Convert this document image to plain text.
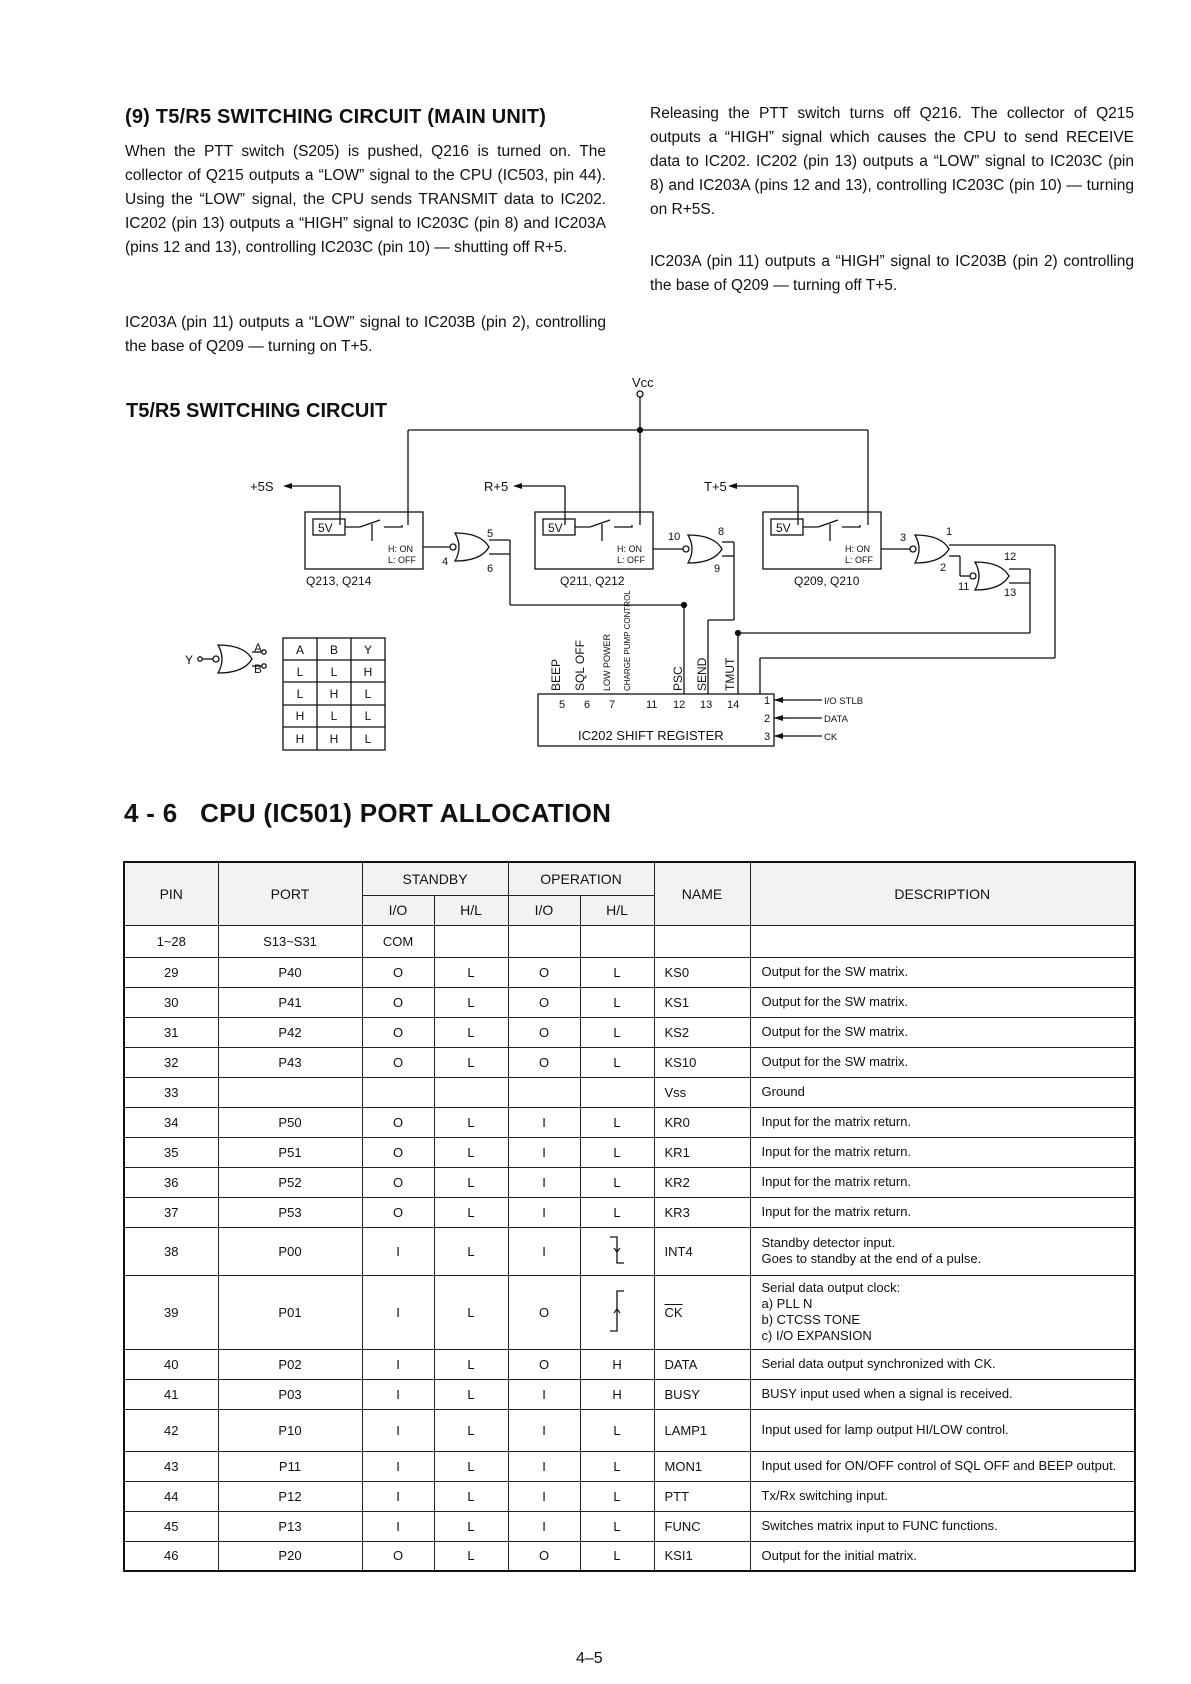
(9) T5/R5 SWITCHING CIRCUIT (MAIN UNIT)
When the PTT switch (S205) is pushed, Q216 is turned on. The collector of Q215 outputs a “LOW” signal to the CPU (IC503, pin 44). Using the “LOW” signal, the CPU sends TRANSMIT data to IC202. IC202 (pin 13) outputs a “HIGH” signal to IC203C (pin 8) and IC203A (pins 12 and 13), controlling IC203C (pin 10) — shutting off R+5.
IC203A (pin 11) outputs a “LOW” signal to IC203B (pin 2), controlling the base of Q209 — turning on T+5.
Releasing the PTT switch turns off Q216. The collector of Q215 outputs a “HIGH” signal which causes the CPU to send RECEIVE data to IC202. IC202 (pin 13) outputs a “LOW” signal to IC203C (pin 8) and IC203A (pins 12 and 13), controlling IC203C (pin 10) — turning on R+5S.
IC203A (pin 11) outputs a “HIGH” signal to IC203B (pin 2) controlling the base of Q209 — turning off T+5.
T5/R5 SWITCHING CIRCUIT
Vcc
+5S	R+5	T+5
5V	5V	5V
H: ON
L: OFF
H: ON
L: OFF
H: ON
L: OFF
Q213, Q214	Q211, Q212	Q209, Q210
4
5
6
10	8
9
3	1
2
12
11	13
Y
A
B
A B Y
L L H
L H L
H L L
H H L
BEEP SQL OFF LOW POWER CHARGE PUMP CONTROL	PSC SEND TMUT
5 6 7	11 12 13 14 1
2
3
I/O STLB
DATA
CK
IC202 SHIFT REGISTER
4 - 6   CPU (IC501) PORT ALLOCATION
PIN	PORT	STANDBY		OPERATION		NAME	DESCRIPTION
		I/O	H/L	I/O	H/L		
1~28	S13~S31	COM					
29	P40	O	L	O	L	KS0	Output for the SW matrix.
30	P41	O	L	O	L	KS1	Output for the SW matrix.
31	P42	O	L	O	L	KS2	Output for the SW matrix.
32	P43	O	L	O	L	KS10	Output for the SW matrix.
33						Vss	Ground
34	P50	O	L	I	L	KR0	Input for the matrix return.
35	P51	O	L	I	L	KR1	Input for the matrix return.
36	P52	O	L	I	L	KR2	Input for the matrix return.
37	P53	O	L	I	L	KR3	Input for the matrix return.
38	P00	I	L	I		INT4	Standby detector input.
Goes to standby at the end of a pulse.
39	P01	I	L	O		$\overline{CK}$	Serial data output clock:
a) PLL N
b) CTCSS TONE
c) I/O EXPANSION
40	P02	I	L	O	H	DATA	Serial data output synchronized with CK.
41	P03	I	L	I	H	BUSY	BUSY input used when a signal is received.
42	P10	I	L	I	L	LAMP1	Input used for lamp output HI/LOW control.
43	P11	I	L	I	L	MON1	Input used for ON/OFF control of SQL OFF and BEEP output.
44	P12	I	L	I	L	PTT	Tx/Rx switching input.
45	P13	I	L	I	L	FUNC	Switches matrix input to FUNC functions.
46	P20	O	L	O	L	KSI1	Output for the initial matrix.
4–5
